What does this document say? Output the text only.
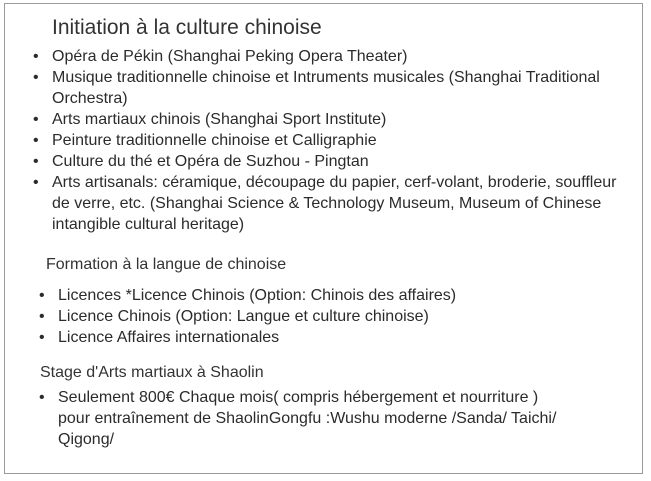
Initiation à la culture chinoise
• Opéra de Pékin (Shanghai Peking Opera Theater)
• Musique traditionnelle chinoise et Intruments musicales (Shanghai Traditional Orchestra)
• Arts martiaux chinois (Shanghai Sport Institute)
• Peinture traditionnelle chinoise et Calligraphie
• Culture du thé et Opéra de Suzhou - Pingtan
• Arts artisanals: céramique, découpage du papier, cerf-volant, broderie, souffleur de verre, etc. (Shanghai Science & Technology Museum, Museum of Chinese intangible cultural heritage)
Formation à la langue de chinoise
• Licences *Licence Chinois (Option: Chinois des affaires)
• Licence Chinois (Option: Langue et culture chinoise)
• Licence Affaires internationales
Stage d'Arts martiaux à Shaolin
• Seulement 800€ Chaque mois( compris hébergement et nourriture ) pour entraînement de ShaolinGongfu :Wushu moderne /Sanda/ Taichi/ Qigong/
